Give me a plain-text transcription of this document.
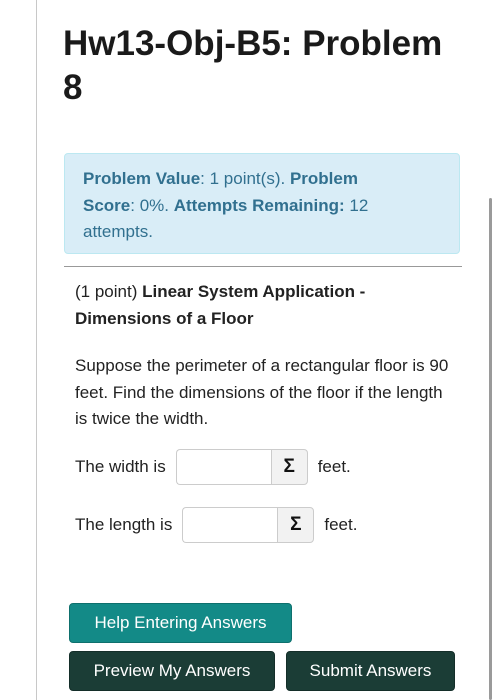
Hw13-Obj-B5: Problem 8
Problem Value: 1 point(s). Problem
Score: 0%. Attempts Remaining: 12 attempts.
(1 point) Linear System Application - Dimensions of a Floor
Suppose the perimeter of a rectangular floor is 90 feet. Find the dimensions of the floor if the length is twice the width.
The width is	Σ feet.
The length is	Σ feet.
Help Entering Answers
Preview My Answers	Submit Answers
